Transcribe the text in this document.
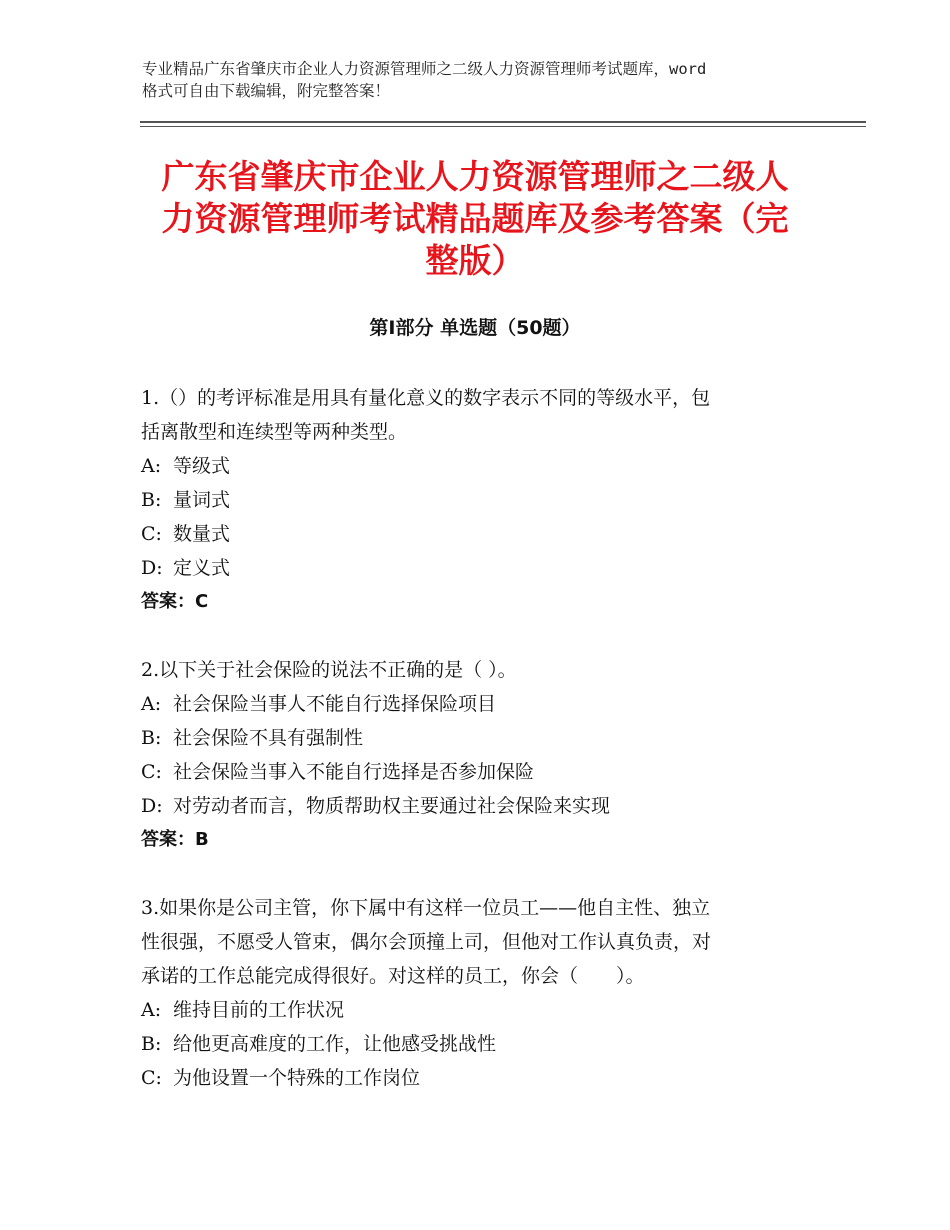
专业精品广东省肇庆市企业人力资源管理师之二级人力资源管理师考试题库，word
格式可自由下载编辑，附完整答案！
广东省肇庆市企业人力资源管理师之二级人
力资源管理师考试精品题库及参考答案（完
整版）
第Ⅰ部分 单选题（50题）

1.（）的考评标准是用具有量化意义的数字表示不同的等级水平，包

括离散型和连续型等两种类型。

A: 等级式

B: 量词式

C: 数量式

D: 定义式

答案：C

2.以下关于社会保险的说法不正确的是（ ）。

A: 社会保险当事人不能自行选择保险项目

B: 社会保险不具有强制性

C: 社会保险当事入不能自行选择是否参加保险

D: 对劳动者而言，物质帮助权主要通过社会保险来实现

答案：B

3.如果你是公司主管，你下属中有这样一位员工——他自主性、独立

性很强，不愿受人管束，偶尔会顶撞上司，但他对工作认真负责，对

承诺的工作总能完成得很好。对这样的员工，你会（　　）。

A: 维持目前的工作状况

B: 给他更高难度的工作，让他感受挑战性

C: 为他设置一个特殊的工作岗位
